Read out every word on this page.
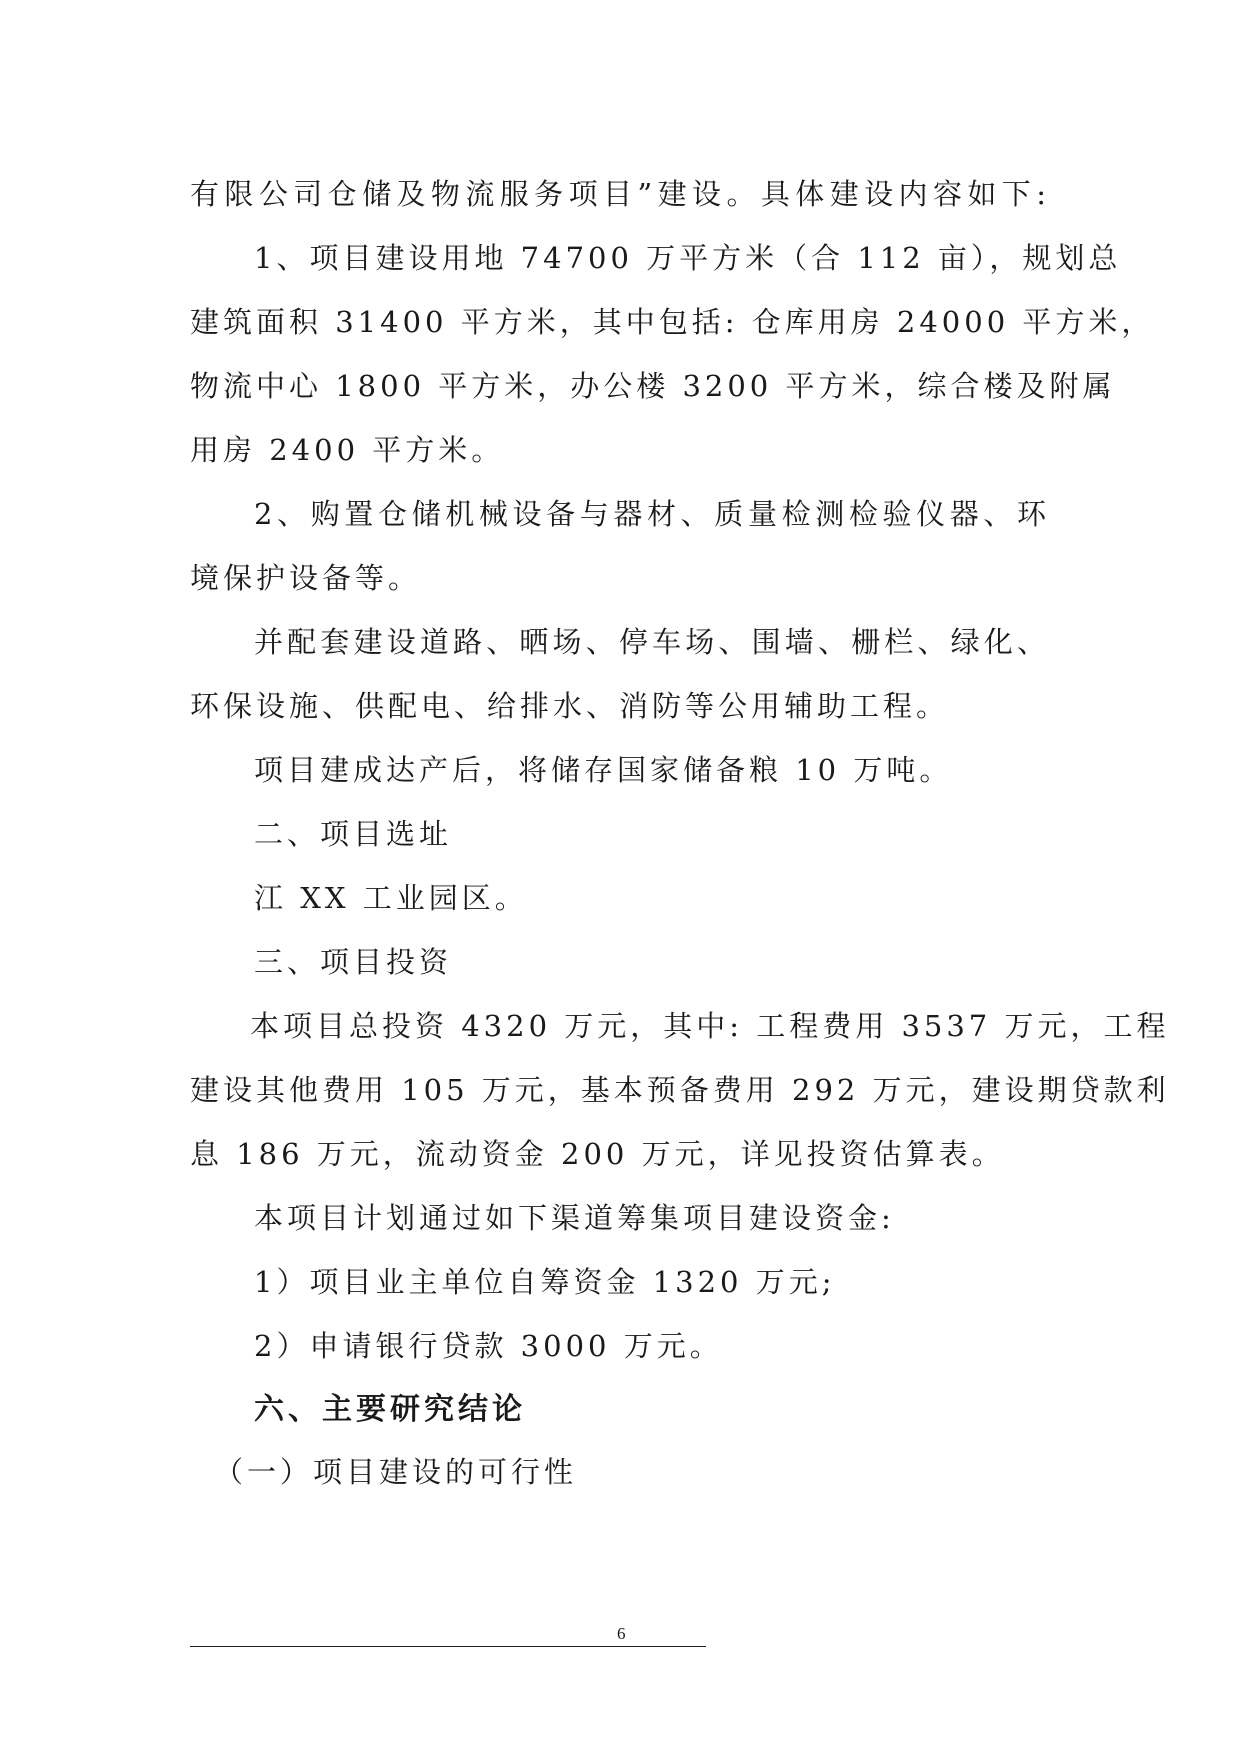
有限公司仓储及物流服务项目”建设。具体建设内容如下:
1、项目建设用地 74700 万平方米（合 112 亩），规划总
建筑面积 31400 平方米，其中包括: 仓库用房 24000 平方米，
物流中心 1800 平方米，办公楼 3200 平方米，综合楼及附属
用房 2400 平方米。
2、购置仓储机械设备与器材、质量检测检验仪器、环
境保护设备等。
并配套建设道路、晒场、停车场、围墙、栅栏、绿化、
环保设施、供配电、给排水、消防等公用辅助工程。
项目建成达产后，将储存国家储备粮 10 万吨。
二、项目选址
江 XX 工业园区。
三、项目投资
本项目总投资 4320 万元，其中: 工程费用 3537 万元，工程
建设其他费用 105 万元，基本预备费用 292 万元，建设期贷款利
息 186 万元，流动资金 200 万元，详见投资估算表。
本项目计划通过如下渠道筹集项目建设资金:
1）项目业主单位自筹资金 1320 万元;
2）申请银行贷款 3000 万元。
六、主要研究结论
（一）项目建设的可行性
6
